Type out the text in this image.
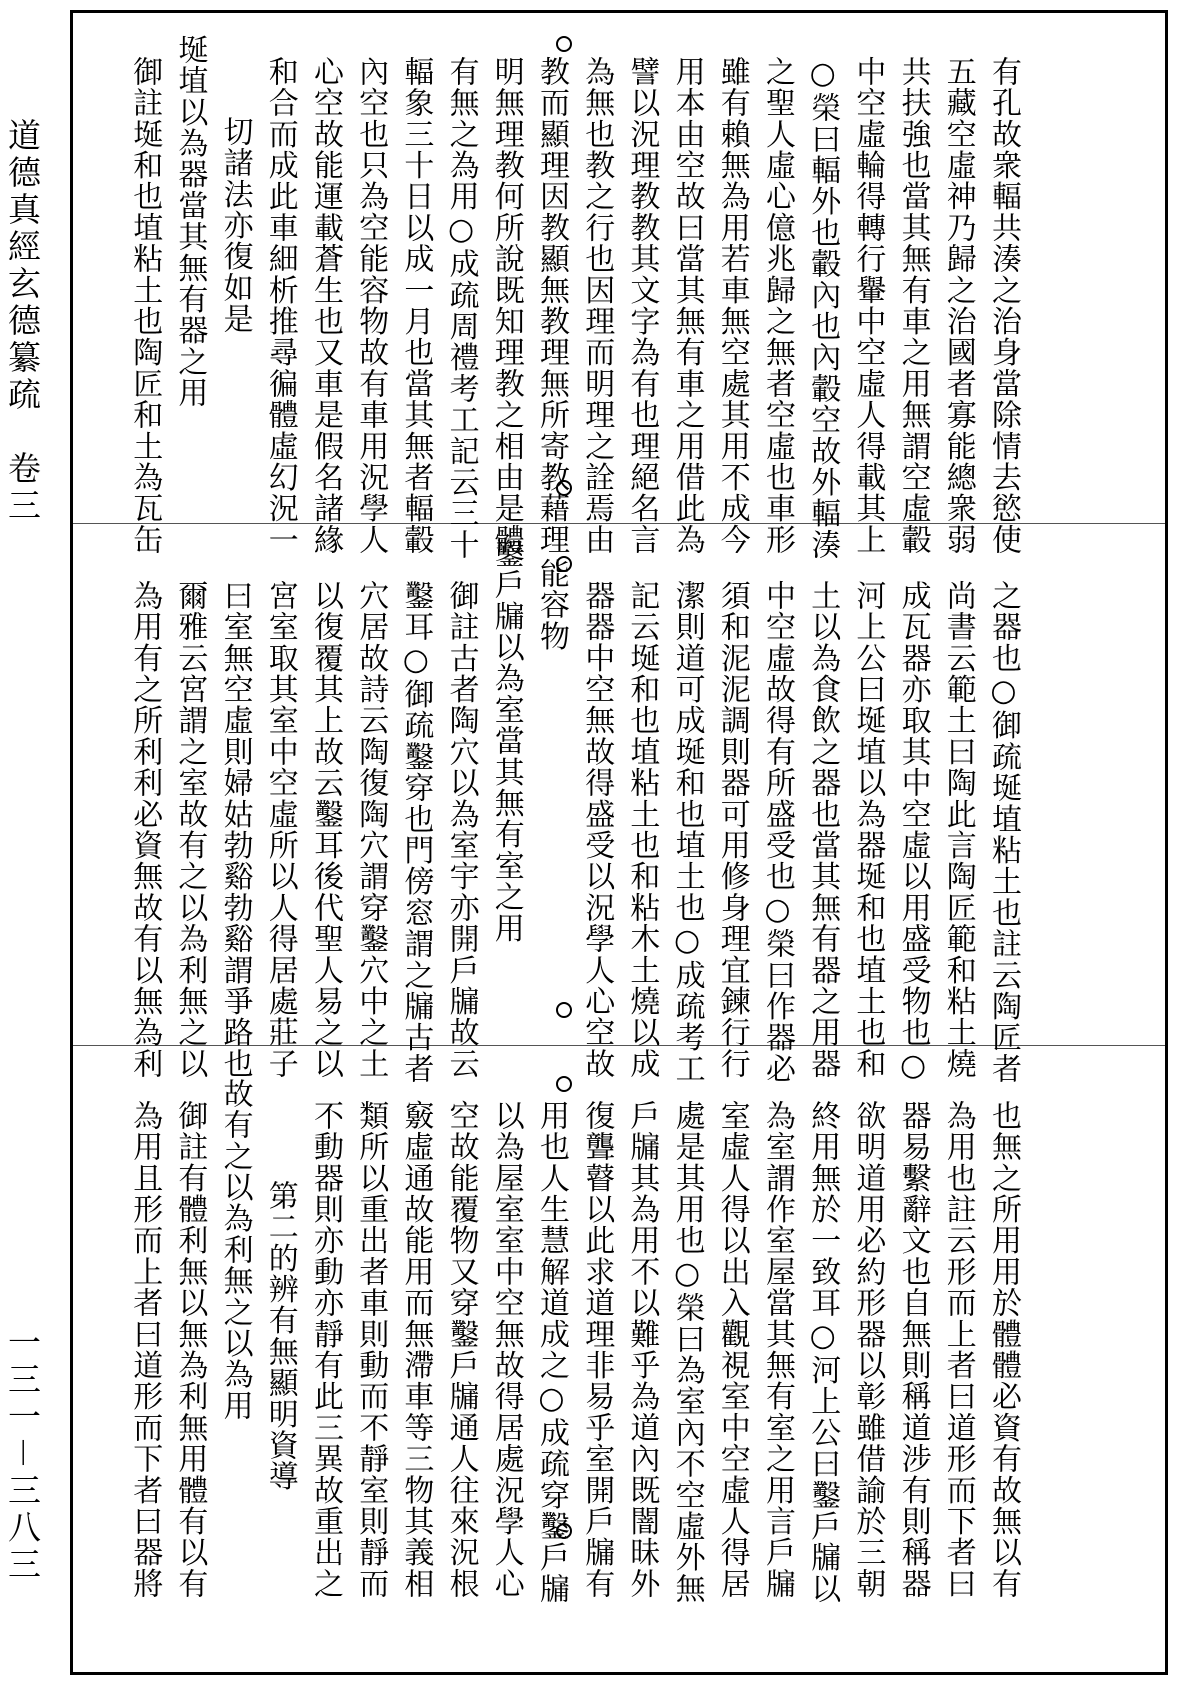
道德真經玄德纂疏　卷三
一三一－三八三
有孔故衆輻共湊之治身當除情去慾使
五藏空虛神乃歸之治國者寡能總衆弱
共扶強也當其無有車之用無謂空虛轂
中空虛輪得轉行轝中空虛人得載其上
○榮曰輻外也轂內也內轂空故外輻湊
之聖人虛心億兆歸之無者空虛也車形
雖有賴無為用若車無空處其用不成今
用本由空故曰當其無有車之用借此為
譬以況理教教其文字為有也理絕名言
為無也教之行也因理而明理之詮焉由
教而顯理因教顯無教理無所寄教藉理
明無理教何所說既知理教之相由是體
有無之為用○成疏周禮考工記云三十
輻象三十日以成一月也當其無者輻轂
內空也只為空能容物故有車用況學人
心空故能運載蒼生也又車是假名諸緣
和合而成此車細析推尋徧體虛幻況一
切諸法亦復如是
埏埴以為器當其無有器之用
御註埏和也埴粘土也陶匠和土為瓦缶
之器也○御疏埏埴粘土也註云陶匠者
尚書云範土曰陶此言陶匠範和粘土燒
成瓦器亦取其中空虛以用盛受物也○
河上公曰埏埴以為器埏和也埴土也和
土以為食飲之器也當其無有器之用器
中空虛故得有所盛受也○榮曰作器必
須和泥泥調則器可用修身理宜鍊行行
潔則道可成埏和也埴土也○成疏考工
記云埏和也埴粘土也和粘木土燒以成
器器中空無故得盛受以況學人心空故
能容物
鑿戶牖以為室當其無有室之用
御註古者陶穴以為室宇亦開戶牖故云
鑿耳○御疏鑿穿也門傍窓謂之牖古者
穴居故詩云陶復陶穴謂穿鑿穴中之土
以復覆其上故云鑿耳後代聖人易之以
宮室取其室中空虛所以人得居處莊子
曰室無空虛則婦姑勃谿勃谿謂爭路也
爾雅云宮謂之室故有之以為利無之以
為用有之所利利必資無故有以無為利
也無之所用用於體體必資有故無以有
為用也註云形而上者曰道形而下者曰
器易繫辭文也自無則稱道涉有則稱器
欲明道用必約形器以彰雖借諭於三朝
終用無於一致耳○河上公曰鑿戶牖以
為室謂作室屋當其無有室之用言戶牖
室虛人得以出入觀視室中空虛人得居
處是其用也○榮曰為室內不空虛外無
戶牖其為用不以難乎為道內既闇昧外
復聾瞽以此求道理非易乎室開戶牖有
用也人生慧解道成之○成疏穿鑿戶牖
以為屋室室中空無故得居處況學人心
空故能覆物又穿鑿戶牖通人往來況根
竅虛通故能用而無滯車等三物其義相
類所以重出者車則動而不靜室則靜而
不動器則亦動亦靜有此三異故重出之
第二的辨有無顯明資導
故有之以為利無之以為用
御註有體利無以無為利無用體有以有
為用且形而上者曰道形而下者曰器將
